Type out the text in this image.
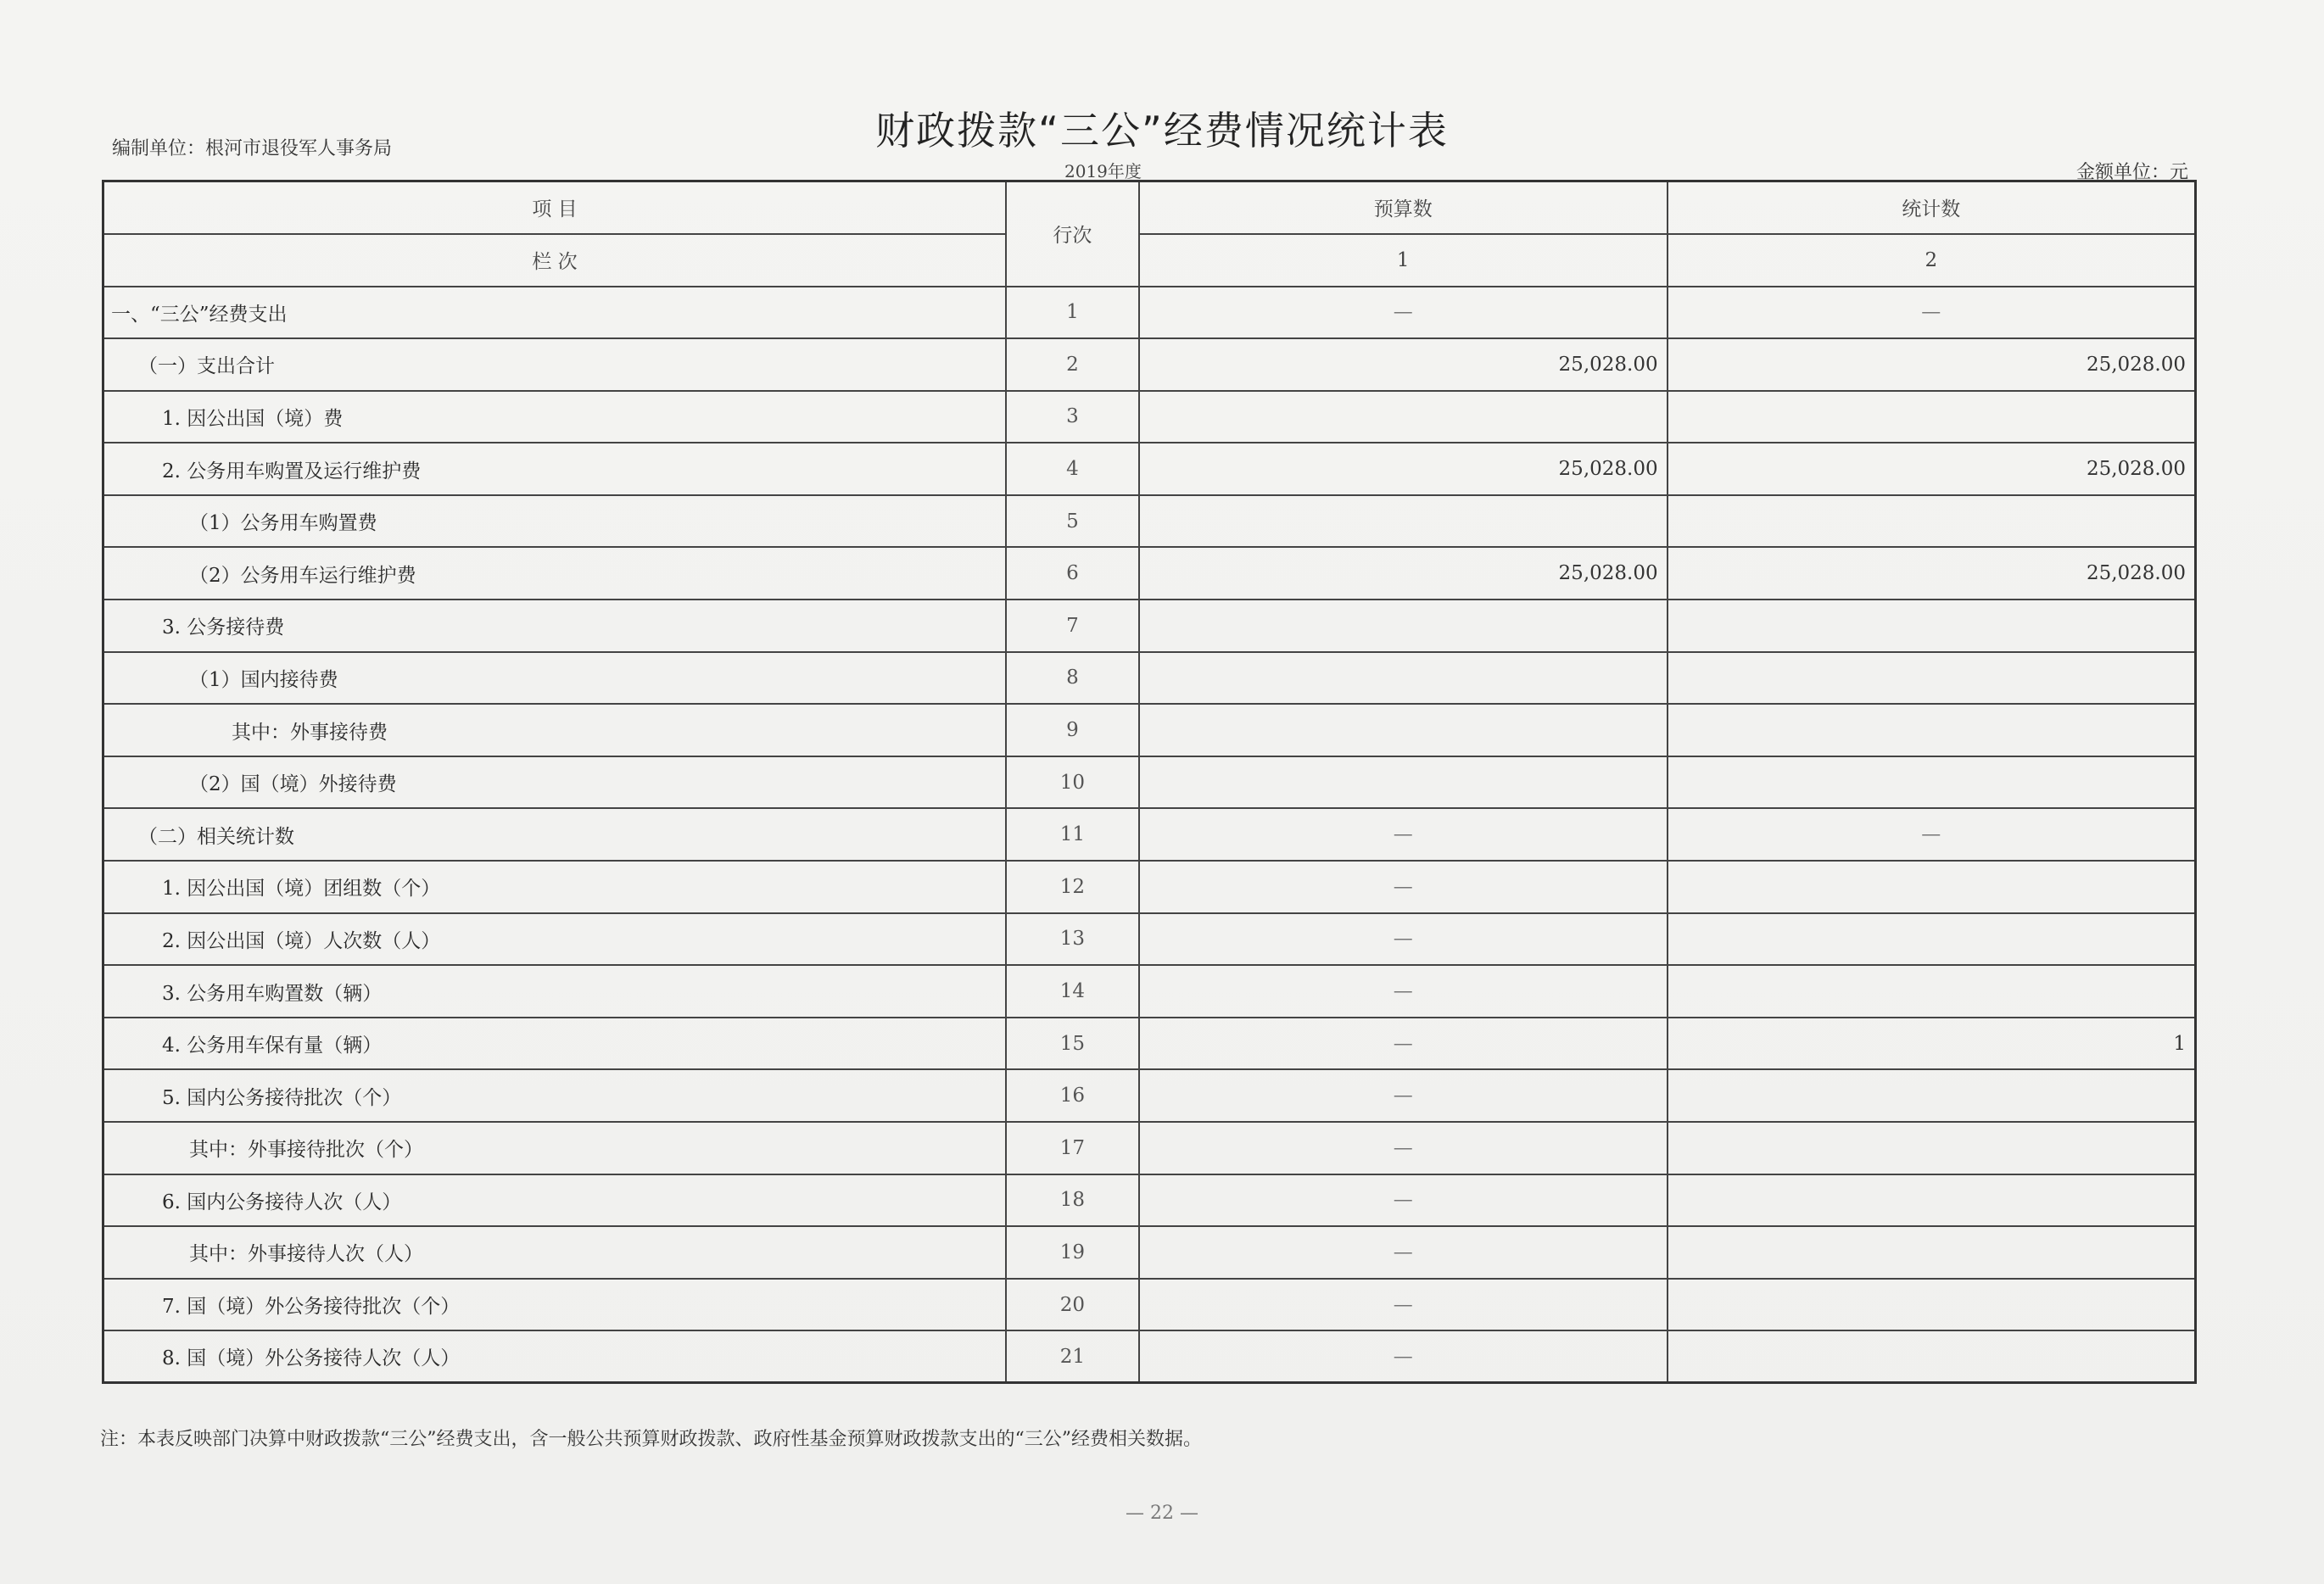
财政拨款“三公”经费情况统计表
编制单位：根河市退役军人事务局
2019年度	金额单位：元
项 目	行次	预算数	统计数
栏 次		1	2
一、“三公”经费支出	1	—	—
（一）支出合计	2	25,028.00	25,028.00
1. 因公出国（境）费	3		
2. 公务用车购置及运行维护费	4	25,028.00	25,028.00
（1）公务用车购置费	5		
（2）公务用车运行维护费	6	25,028.00	25,028.00
3. 公务接待费	7		
（1）国内接待费	8		
其中：外事接待费	9		
（2）国（境）外接待费	10		
（二）相关统计数	11	—	—
1. 因公出国（境）团组数（个）	12	—	
2. 因公出国（境）人次数（人）	13	—	
3. 公务用车购置数（辆）	14	—	
4. 公务用车保有量（辆）	15	—	1
5. 国内公务接待批次（个）	16	—	
其中：外事接待批次（个）	17	—	
6. 国内公务接待人次（人）	18	—	
其中：外事接待人次（人）	19	—	
7. 国（境）外公务接待批次（个）	20	—	
8. 国（境）外公务接待人次（人）	21	—	
注：本表反映部门决算中财政拨款“三公”经费支出，含一般公共预算财政拨款、政府性基金预算财政拨款支出的“三公”经费相关数据。
— 22 —
